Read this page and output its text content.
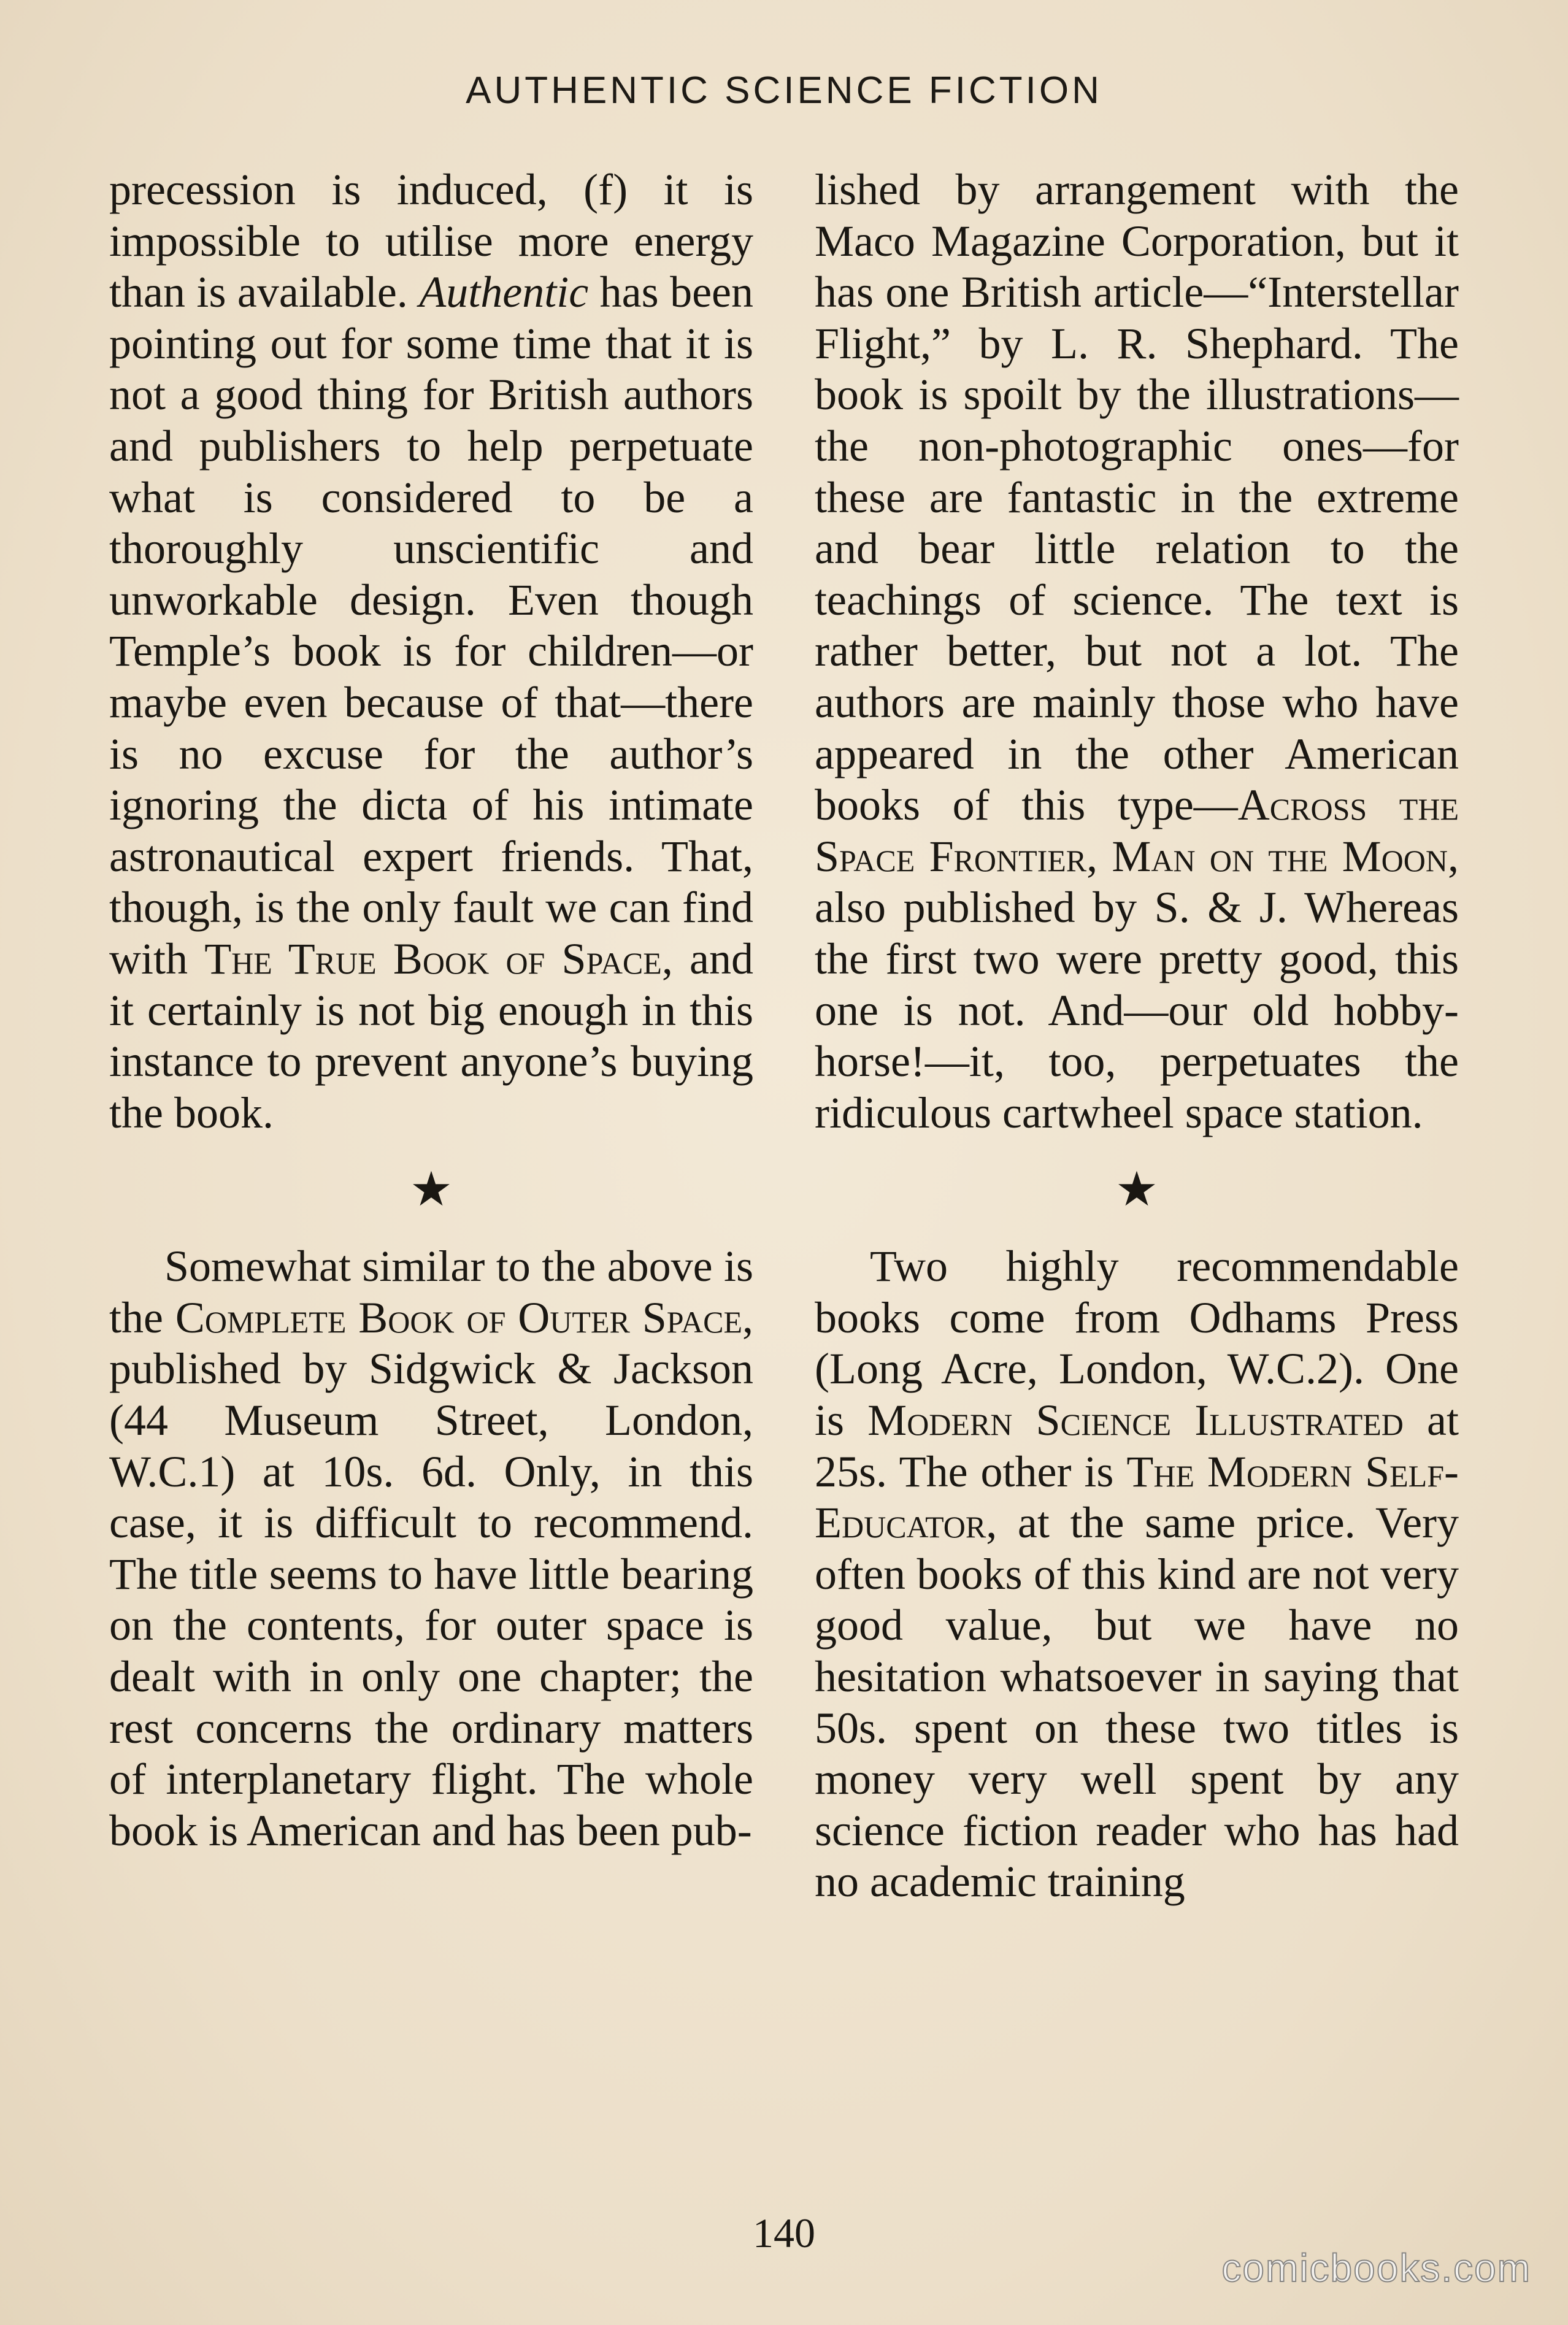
AUTHENTIC SCIENCE FICTION

precession is induced, (f) it is impossible to utilise more energy than is available. Authentic has been pointing out for some time that it is not a good thing for British authors and publishers to help perpetuate what is considered to be a thoroughly unscientific and unworkable design. Even though Temple’s book is for children—or maybe even because of that—there is no excuse for the author’s ignoring the dicta of his intimate astronautical expert friends. That, though, is the only fault we can find with The True Book of Space, and it certainly is not big enough in this instance to prevent anyone’s buying the book.

★

Somewhat similar to the above is the Complete Book of Outer Space, published by Sidgwick & Jackson (44 Museum Street, London, W.C.1) at 10s. 6d. Only, in this case, it is difficult to recommend. The title seems to have little bearing on the contents, for outer space is dealt with in only one chapter; the rest concerns the ordinary matters of interplanetary flight. The whole book is American and has been pub-

lished by arrangement with the Maco Magazine Corporation, but it has one British article—“Interstellar Flight,” by L. R. Shephard. The book is spoilt by the illustrations—the non-photographic ones—for these are fantastic in the extreme and bear little relation to the teachings of science. The text is rather better, but not a lot. The authors are mainly those who have appeared in the other American books of this type—Across the Space Frontier, Man on the Moon, also published by S. & J. Whereas the first two were pretty good, this one is not. And—our old hobby-horse!—it, too, perpetuates the ridiculous cartwheel space station.

★

Two highly recommendable books come from Odhams Press (Long Acre, London, W.C.2). One is Modern Science Illustrated at 25s. The other is The Modern Self-Educator, at the same price. Very often books of this kind are not very good value, but we have no hesitation whatsoever in saying that 50s. spent on these two titles is money very well spent by any science fiction reader who has had no academic training

140
comicbooks.com
